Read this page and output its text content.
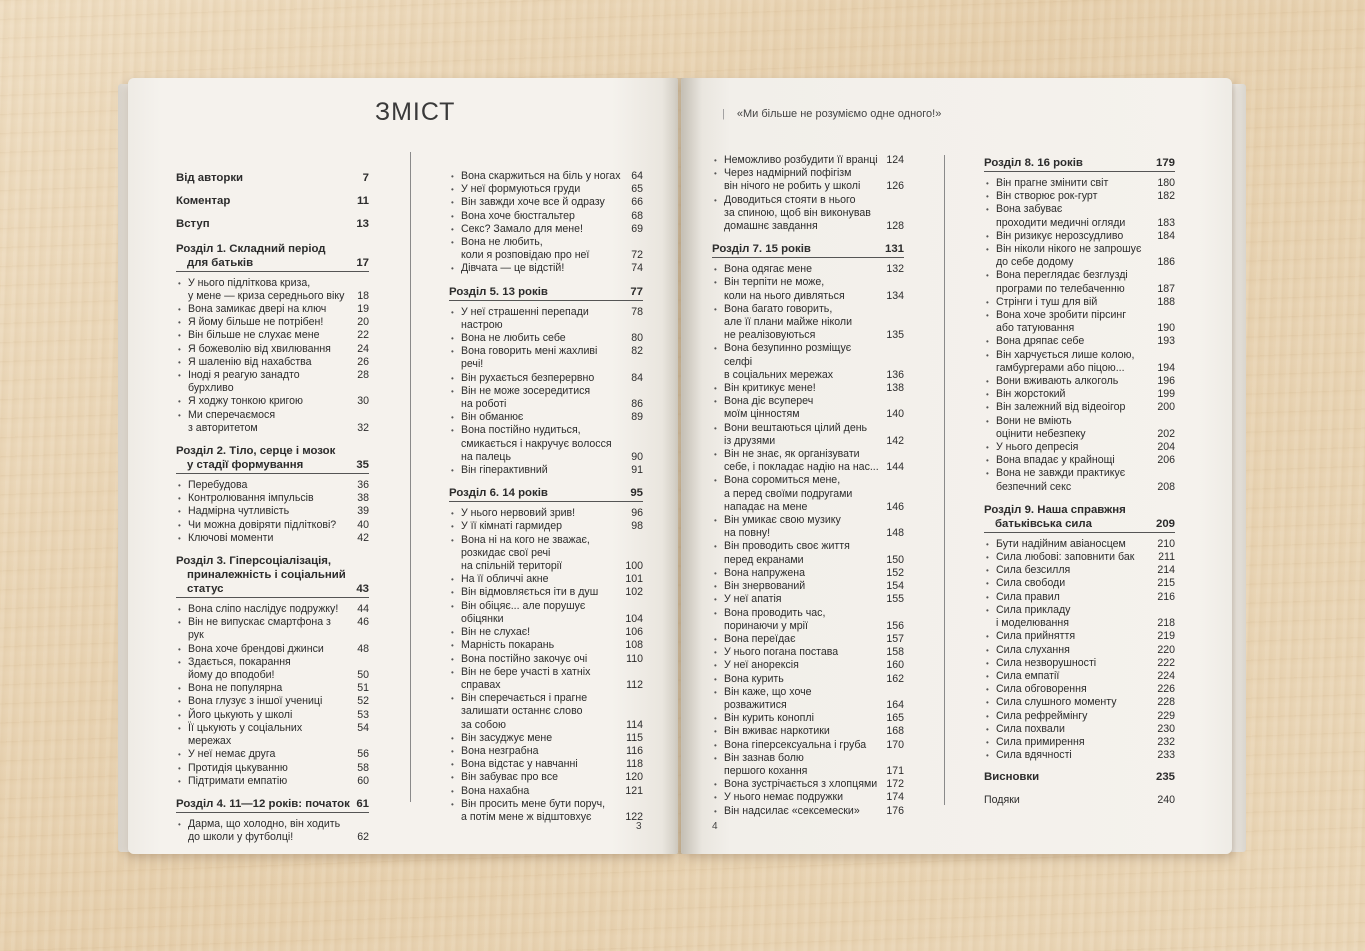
ЗМІСТ	| «Ми більше не розуміємо одне одного!»
Від авторки	7
Коментар	11
Вступ	13
Розділ 1. Складний період
для батьків	17
• У нього підліткова криза,
у мене — криза середнього віку	18
• Вона замикає двері на ключ	19
• Я йому більше не потрібен!	20
• Він більше не слухає мене	22
• Я божеволію від хвилювання	24
• Я шаленію від нахабства	26
• Іноді я реагую занадто бурхливо
28
• Я ходжу тонкою кригою	30
• Ми сперечаємося
з авторитетом	32
Розділ 2. Тіло, серце і мозок
у стадії формування	35
• Перебудова	36
• Контролювання імпульсів	38
• Надмірна чутливість	39
• Чи можна довіряти підліткові?	40
• Ключові моменти	42
Розділ 3. Гіперсоціалізація,
приналежність і соціальний
статус	43
• Вона сліпо наслідує подружку!	44
• Він не випускає смартфона з рук
46
• Вона хоче брендові джинси	48
• Здається, покарання
йому до вподоби!	50
• Вона не популярна	51
• Вона глузує з іншої учениці	52
• Його цькують у школі	53
• Її цькують у соціальних мережах
54
• У неї немає друга	56
• Протидія цькуванню	58
• Підтримати емпатію	60
Розділ 4. 11—12 років: початок 61
• Дарма, що холодно, він ходить
до школи у футболці!	62
• Вона скаржиться на біль у ногах	64
• У неї формуються груди	65
• Він завжди хоче все й одразу	66
• Вона хоче бюстгальтер	68
• Секс? Замало для мене!	69
• Вона не любить,
коли я розповідаю про неї	72
• Дівчата — це відстій!	74
Розділ 5. 13 років	77
• У неї страшенні перепади настрою
78
• Вона не любить себе	80
• Вона говорить мені жахливі речі!
82
• Він рухається безперервно	84
• Він не може зосередитися
на роботі	86
• Він обманює	89
• Вона постійно нудиться,
смикається і накручує волосся
на палець	90
• Він гіперактивний	91
Розділ 6. 14 років	95
• У нього нервовий зрив!	96
• У її кімнаті гармидер	98
• Вона ні на кого не зважає,
розкидає свої речі
на спільній території	100
• На її обличчі акне	101
• Він відмовляється іти в душ	102
• Він обіцяє... але порушує
обіцянки	104
• Він не слухає!	106
• Марність покарань	108
• Вона постійно закочує очі	110
• Він не бере участі в хатніх
справах	112
• Він сперечається і прагне
залишати останнє слово
за собою	114
• Він засуджує мене	115
• Вона незграбна	116
• Вона відстає у навчанні	118
• Він забуває про все	120
• Вона нахабна	121
• Він просить мене бути поруч,
а потім мене ж відштовхує	122
• Неможливо розбудити її вранці 124
• Через надмірний пофігізм
він нічого не робить у школі	126
• Доводиться стояти в нього
за спиною, щоб він виконував
домашнє завдання	128
Розділ 7. 15 років	131
• Вона одягає мене	132
• Він терпіти не може,
коли на нього дивляться	134
• Вона багато говорить,
але її плани майже ніколи
не реалізовуються	135
• Вона безупинно розміщує селфі
в соціальних мережах	136
• Він критикує мене!	138
• Вона діє всупереч
моїм цінностям	140
• Вони вештаються цілий день
із друзями	142
• Він не знає, як організувати
себе, і покладає надію на нас... 144
• Вона соромиться мене,
а перед своїми подругами
нападає на мене	146
• Він умикає свою музику
на повну!	148
• Він проводить своє життя
перед екранами	150
• Вона напружена	152
• Він знервований	154
• У неї апатія	155
• Вона проводить час,
поринаючи у мрії	156
• Вона переїдає	157
• У нього погана постава	158
• У неї анорексія	160
• Вона курить	162
• Він каже, що хоче
розважитися	164
• Він курить коноплі	165
• Він вживає наркотики	168
• Вона гіперсексуальна і груба	170
• Він зазнав болю
першого кохання	171
• Вона зустрічається з хлопцями 172
• У нього немає подружки	174
• Він надсилає «сексемески»	176
Розділ 8. 16 років	179
• Він прагне змінити світ	180
• Він створює рок-гурт	182
• Вона забуває
проходити медичні огляди	183
• Він ризикує нерозсудливо	184
• Він ніколи нікого не запрошує
до себе додому	186
• Вона переглядає безглузді
програми по телебаченню	187
• Стрінги і туш для вій	188
• Вона хоче зробити пірсинг
або татуювання	190
• Вона дряпає себе	193
• Він харчується лише колою,
гамбургерами або піцою...	194
• Вони вживають алкоголь	196
• Він жорстокий	199
• Він залежний від відеоігор	200
• Вони не вміють
оцінити небезпеку	202
• У нього депресія	204
• Вона впадає у крайнощі	206
• Вона не завжди практикує
безпечний секс	208
Розділ 9. Наша справжня
батьківська сила	209
• Бути надійним авіаносцем	210
• Сила любові: заповнити бак	211
• Сила безсилля	214
• Сила свободи	215
• Сила правил	216
• Сила прикладу
і моделювання	218
• Сила прийняття	219
• Сила слухання	220
• Сила незворушності	222
• Сила емпатії	224
• Сила обговорення	226
• Сила слушного моменту	228
• Сила рефреймінгу	229
• Сила похвали	230
• Сила примирення	232
• Сила вдячності	233
Висновки	235
Подяки	240
3	4
